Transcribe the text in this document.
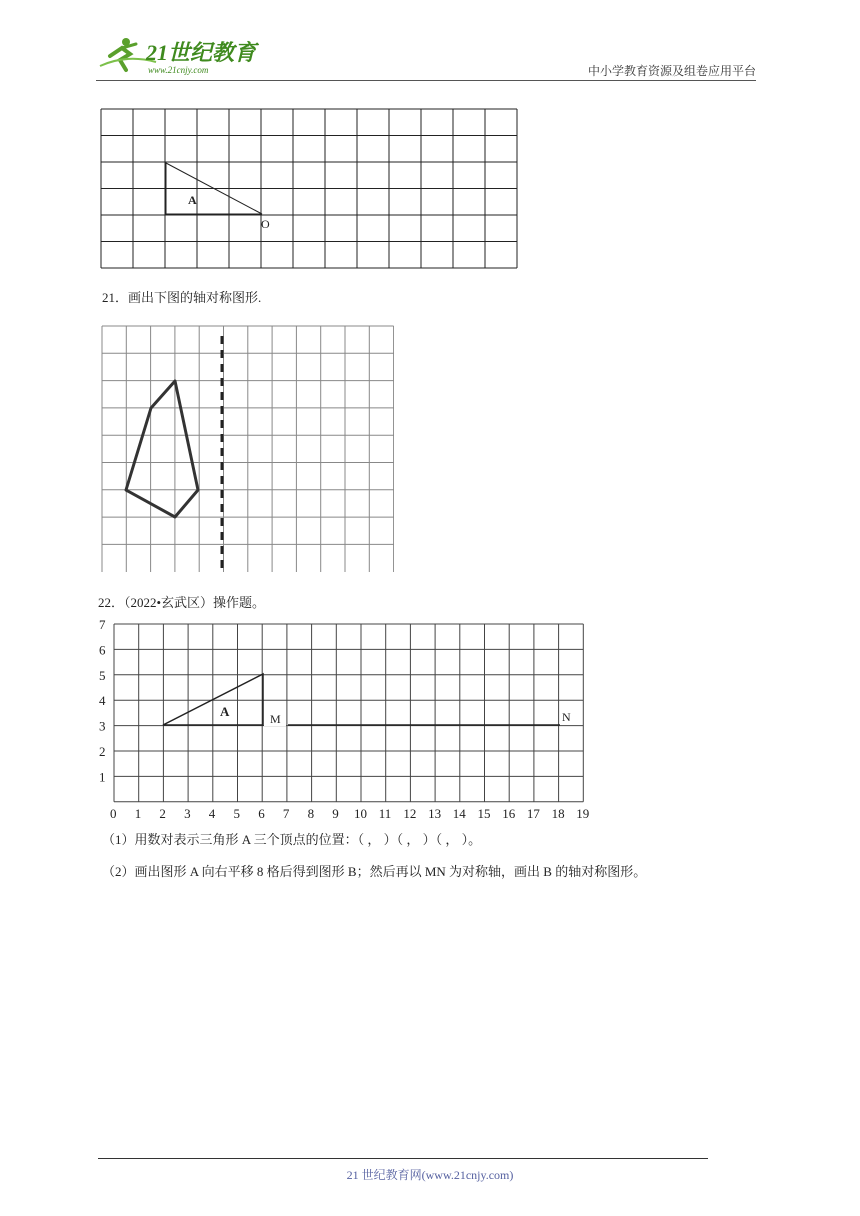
21世纪教育
www.21cnjy.com	中小学教育资源及组卷应用平台
A
O
21．画出下图的轴对称图形.
22．（2022•玄武区）操作题。
0 1 2 3 4 5 6 7 8 9 10 11 12 13 14 15 16 17 18 19
1
2
3
4
5
6
7
A	M	N
（1）用数对表示三角形 A 三个顶点的位置：（ ， ）（ ， ）（ ， ）。
（2）画出图形 A 向右平移 8 格后得到图形 B；然后再以 MN 为对称轴，画出 B 的轴对称图形。
21 世纪教育网(www.21cnjy.com)
